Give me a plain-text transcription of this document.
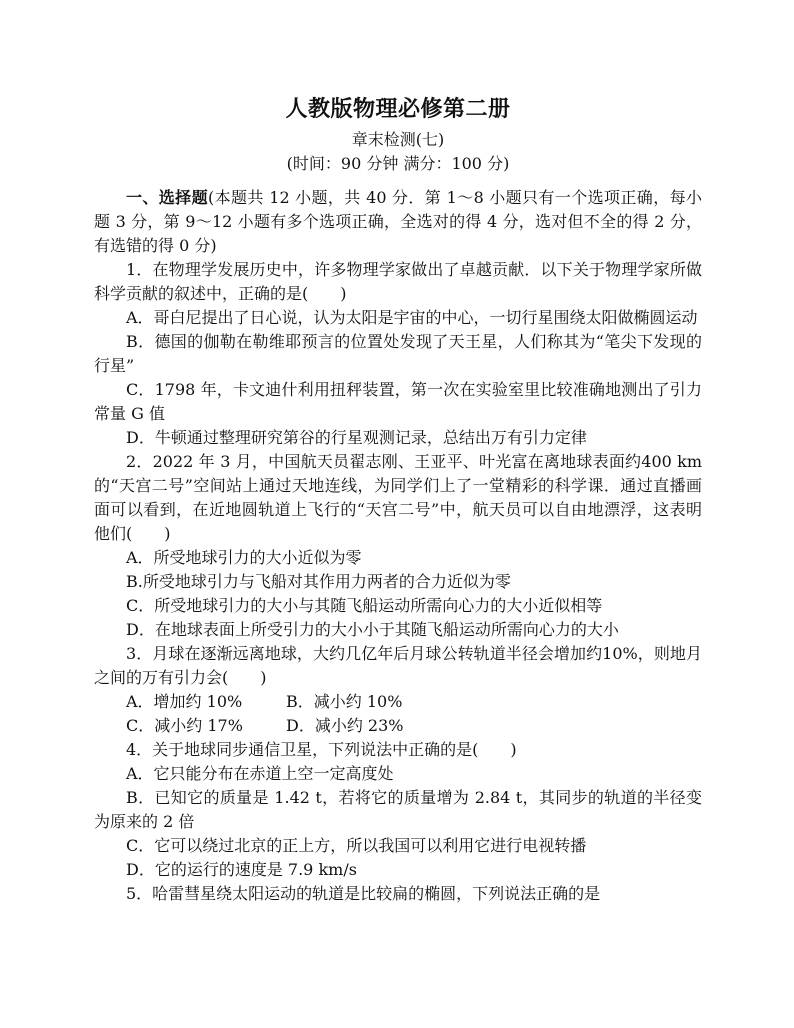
人教版物理必修第二册
章末检测(七)
(时间：90 分钟 满分：100 分)

一、选择题(本题共 12 小题，共 40 分．第 1～8 小题只有一个选项正确，每小题 3 分，第 9～12 小题有多个选项正确，全选对的得 4 分，选对但不全的得 2 分，有选错的得 0 分)

1．在物理学发展历史中，许多物理学家做出了卓越贡献．以下关于物理学家所做科学贡献的叙述中，正确的是(　　)

A．哥白尼提出了日心说，认为太阳是宇宙的中心，一切行星围绕太阳做椭圆运动

B．德国的伽勒在勒维耶预言的位置处发现了天王星，人们称其为“笔尖下发现的行星”

C．1798 年，卡文迪什利用扭秤装置，第一次在实验室里比较准确地测出了引力常量 G 值

D．牛顿通过整理研究第谷的行星观测记录，总结出万有引力定律

2．2022 年 3 月，中国航天员翟志刚、王亚平、叶光富在离地球表面约400 km 的“天宫二号”空间站上通过天地连线，为同学们上了一堂精彩的科学课．通过直播画面可以看到，在近地圆轨道上飞行的“天宫二号”中，航天员可以自由地漂浮，这表明他们(　　)

A．所受地球引力的大小近似为零

B.所受地球引力与飞船对其作用力两者的合力近似为零

C．所受地球引力的大小与其随飞船运动所需向心力的大小近似相等

D．在地球表面上所受引力的大小小于其随飞船运动所需向心力的大小

3．月球在逐渐远离地球，大约几亿年后月球公转轨道半径会增加约10%，则地月之间的万有引力会(　　)

A．增加约 10%	B．减小约 10%
C．减小约 17%	D．减小约 23%

4．关于地球同步通信卫星，下列说法中正确的是(　　)

A．它只能分布在赤道上空一定高度处

B．已知它的质量是 1.42 t，若将它的质量增为 2.84 t，其同步的轨道的半径变为原来的 2 倍

C．它可以绕过北京的正上方，所以我国可以利用它进行电视转播

D．它的运行的速度是 7.9 km/s

5．哈雷彗星绕太阳运动的轨道是比较扁的椭圆，下列说法正确的是
